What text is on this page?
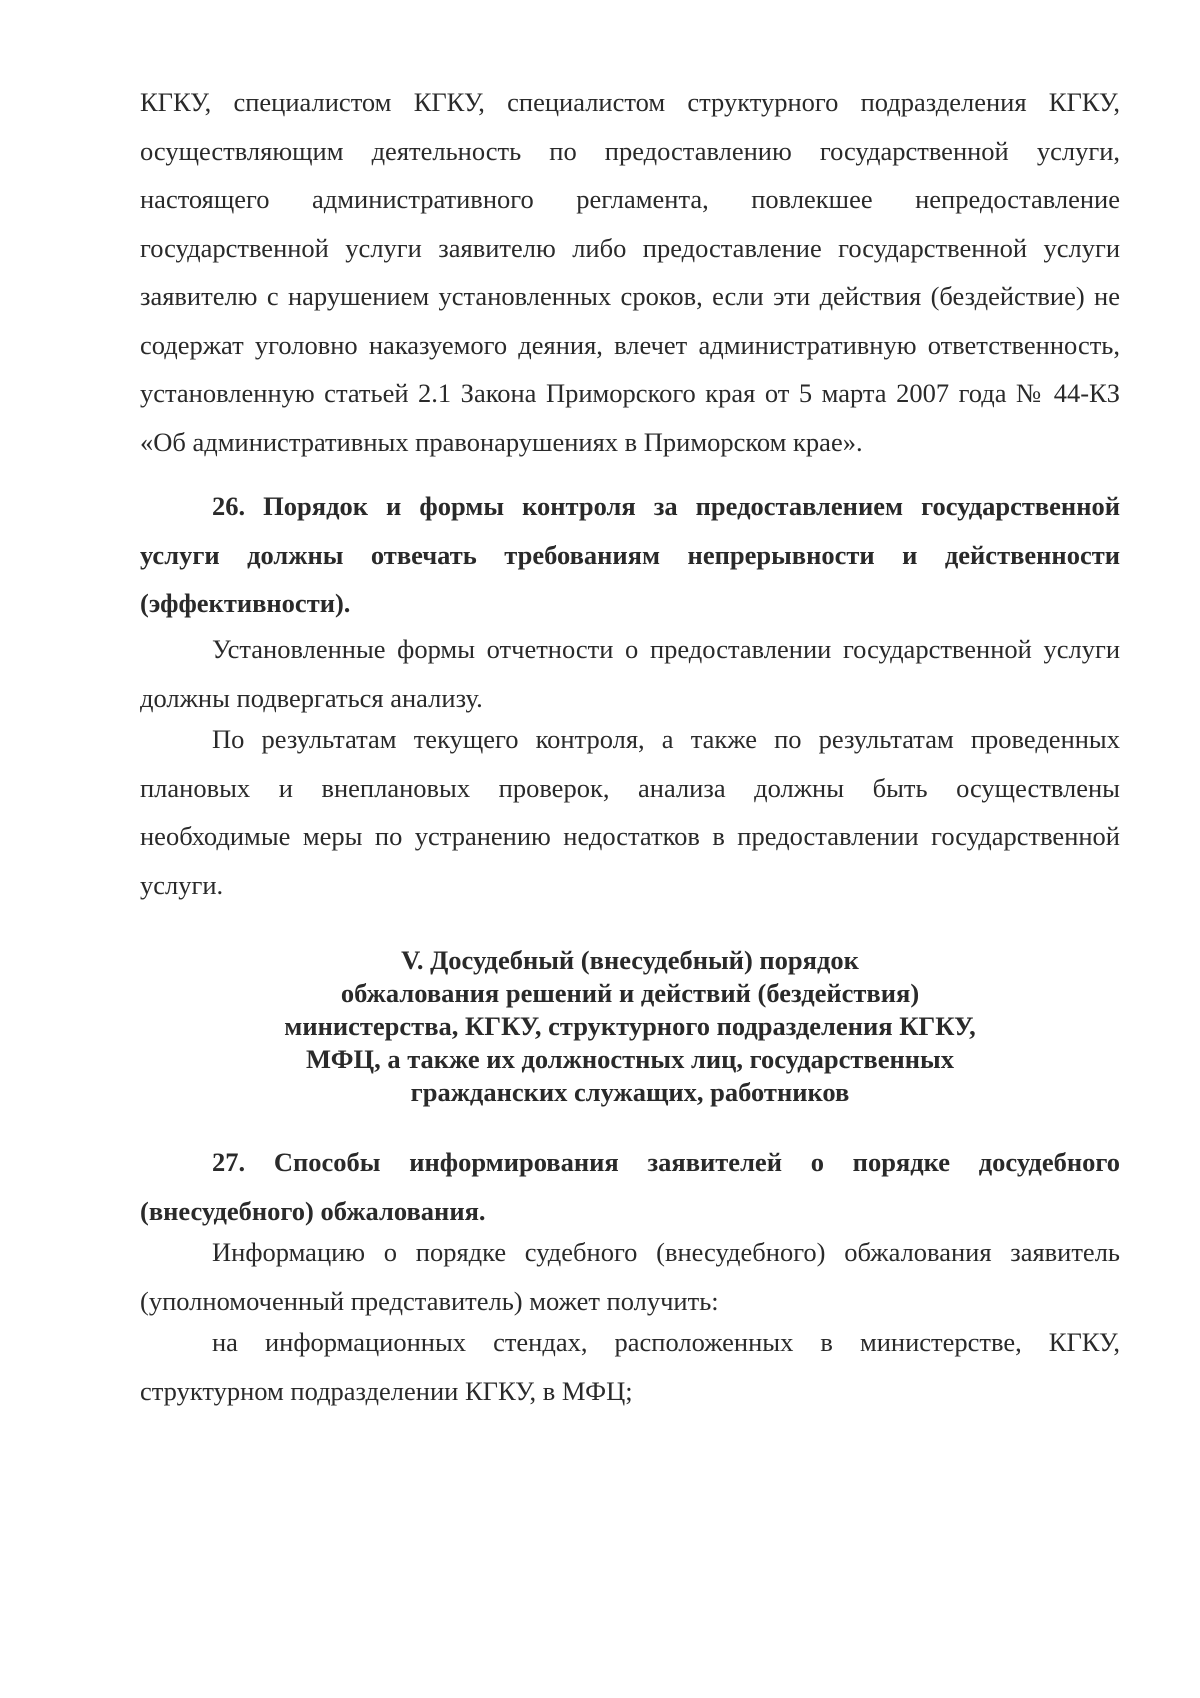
КГКУ, специалистом КГКУ, специалистом структурного подразделения КГКУ, осуществляющим деятельность по предоставлению государственной услуги, настоящего административного регламента, повлекшее непредоставление государственной услуги заявителю либо предоставление государственной услуги заявителю с нарушением установленных сроков, если эти действия (бездействие) не содержат уголовно наказуемого деяния, влечет административную ответственность, установленную статьей 2.1 Закона Приморского края от 5 марта 2007 года № 44-КЗ «Об административных правонарушениях в Приморском крае».

26. Порядок и формы контроля за предоставлением государственной услуги должны отвечать требованиям непрерывности и действенности (эффективности).

Установленные формы отчетности о предоставлении государственной услуги должны подвергаться анализу.

По результатам текущего контроля, а также по результатам проведенных плановых и внеплановых проверок, анализа должны быть осуществлены необходимые меры по устранению недостатков в предоставлении государственной услуги.

V. Досудебный (внесудебный) порядок
обжалования решений и действий (бездействия)
министерства, КГКУ, структурного подразделения КГКУ,
МФЦ, а также их должностных лиц, государственных
гражданских служащих, работников

27. Способы информирования заявителей о порядке досудебного (внесудебного) обжалования.

Информацию о порядке судебного (внесудебного) обжалования заявитель (уполномоченный представитель) может получить:

на информационных стендах, расположенных в министерстве, КГКУ, структурном подразделении КГКУ, в МФЦ;
